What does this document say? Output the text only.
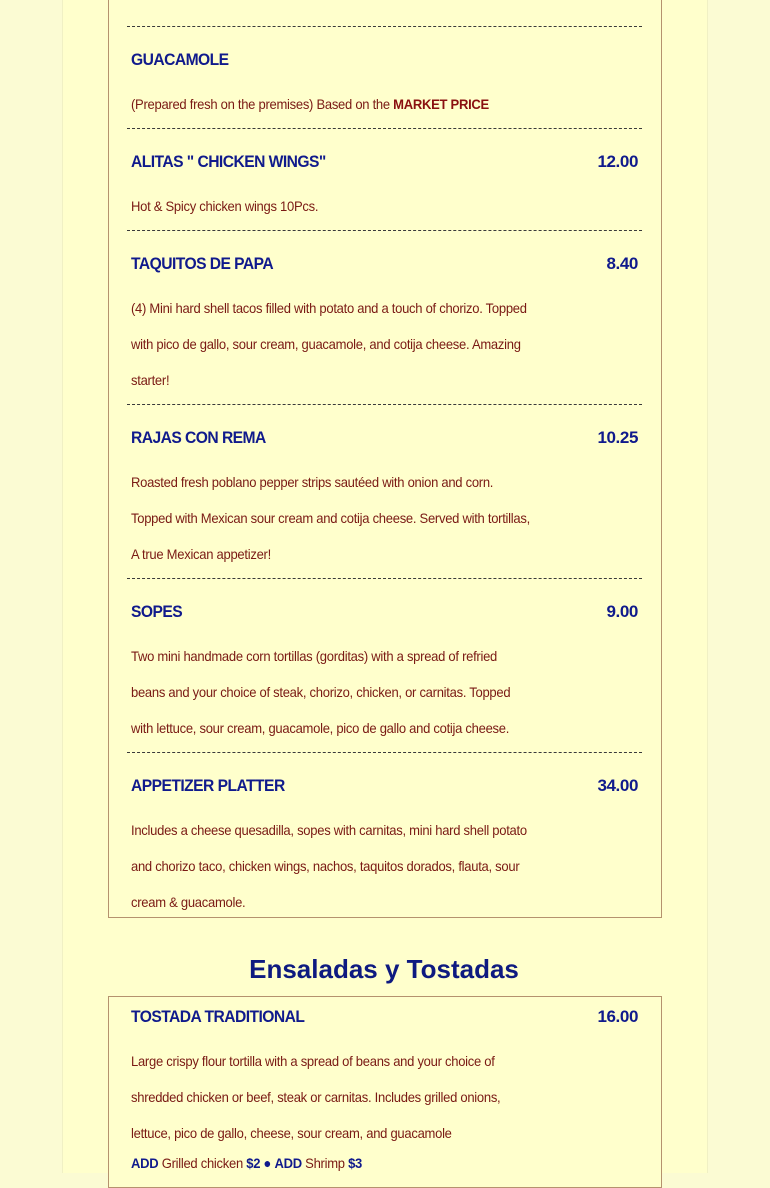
GUACAMOLE
(Prepared fresh on the premises) Based on the MARKET PRICE
ALITAS " CHICKEN WINGS"	12.00
Hot & Spicy chicken wings 10Pcs.
TAQUITOS DE PAPA	8.40
(4) Mini hard shell tacos filled with potato and a touch of chorizo. Topped
with pico de gallo, sour cream, guacamole, and cotija cheese. Amazing
starter!
RAJAS CON REMA	10.25
Roasted fresh poblano pepper strips sautéed with onion and corn.
Topped with Mexican sour cream and cotija cheese. Served with tortillas,
A true Mexican appetizer!
SOPES	9.00
Two mini handmade corn tortillas (gorditas) with a spread of refried
beans and your choice of steak, chorizo, chicken, or carnitas. Topped
with lettuce, sour cream, guacamole, pico de gallo and cotija cheese.
APPETIZER PLATTER	34.00
Includes a cheese quesadilla, sopes with carnitas, mini hard shell potato
and chorizo taco, chicken wings, nachos, taquitos dorados, flauta, sour
cream & guacamole.
Ensaladas y Tostadas
TOSTADA TRADITIONAL	16.00
Large crispy flour tortilla with a spread of beans and your choice of
shredded chicken or beef, steak or carnitas. Includes grilled onions,
lettuce, pico de gallo, cheese, sour cream, and guacamole
ADD Grilled chicken $2 ● ADD Shrimp $3
